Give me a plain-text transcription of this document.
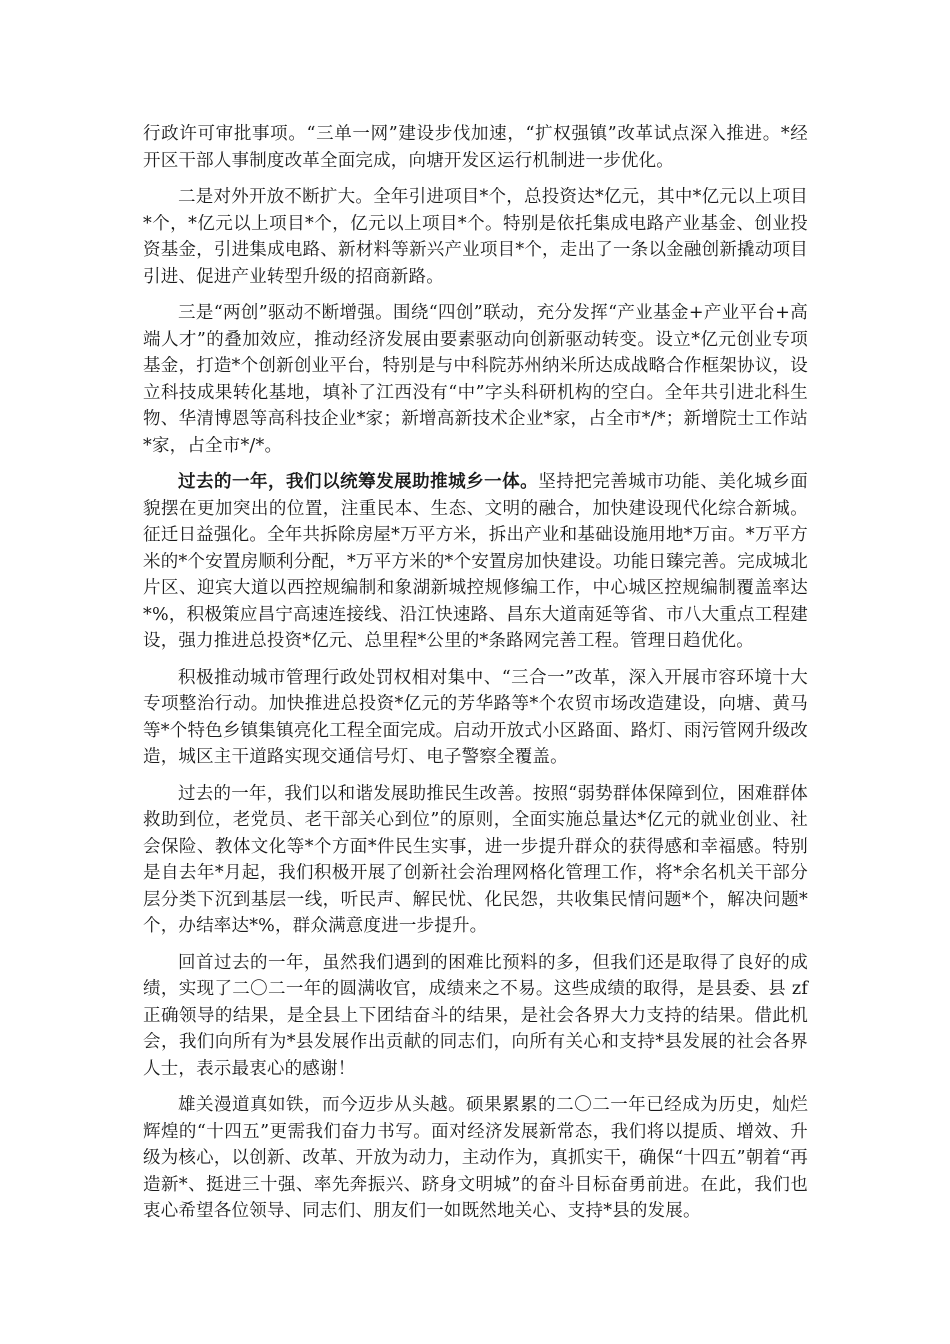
行政许可审批事项。“三单一网”建设步伐加速，“扩权强镇”改革试点深入推进。*经开区干部人事制度改革全面完成，向塘开发区运行机制进一步优化。

二是对外开放不断扩大。全年引进项目*个，总投资达*亿元，其中*亿元以上项目*个，*亿元以上项目*个，亿元以上项目*个。特别是依托集成电路产业基金、创业投资基金，引进集成电路、新材料等新兴产业项目*个，走出了一条以金融创新撬动项目引进、促进产业转型升级的招商新路。

三是“两创”驱动不断增强。围绕“四创”联动，充分发挥“产业基金+产业平台+高端人才”的叠加效应，推动经济发展由要素驱动向创新驱动转变。设立*亿元创业专项基金，打造*个创新创业平台，特别是与中科院苏州纳米所达成战略合作框架协议，设立科技成果转化基地，填补了江西没有“中”字头科研机构的空白。全年共引进北科生物、华清博恩等高科技企业*家；新增高新技术企业*家，占全市*/*；新增院士工作站*家，占全市*/*。

过去的一年，我们以统筹发展助推城乡一体。坚持把完善城市功能、美化城乡面貌摆在更加突出的位置，注重民本、生态、文明的融合，加快建设现代化综合新城。征迁日益强化。全年共拆除房屋*万平方米，拆出产业和基础设施用地*万亩。*万平方米的*个安置房顺利分配，*万平方米的*个安置房加快建设。功能日臻完善。完成城北片区、迎宾大道以西控规编制和象湖新城控规修编工作，中心城区控规编制覆盖率达*%，积极策应昌宁高速连接线、沿江快速路、昌东大道南延等省、市八大重点工程建设，强力推进总投资*亿元、总里程*公里的*条路网完善工程。管理日趋优化。

积极推动城市管理行政处罚权相对集中、“三合一”改革，深入开展市容环境十大专项整治行动。加快推进总投资*亿元的芳华路等*个农贸市场改造建设，向塘、黄马等*个特色乡镇集镇亮化工程全面完成。启动开放式小区路面、路灯、雨污管网升级改造，城区主干道路实现交通信号灯、电子警察全覆盖。

过去的一年，我们以和谐发展助推民生改善。按照“弱势群体保障到位，困难群体救助到位，老党员、老干部关心到位”的原则，全面实施总量达*亿元的就业创业、社会保险、教体文化等*个方面*件民生实事，进一步提升群众的获得感和幸福感。特别是自去年*月起，我们积极开展了创新社会治理网格化管理工作，将*余名机关干部分层分类下沉到基层一线，听民声、解民忧、化民怨，共收集民情问题*个，解决问题*个，办结率达*%，群众满意度进一步提升。

回首过去的一年，虽然我们遇到的困难比预料的多，但我们还是取得了良好的成绩，实现了二〇二一年的圆满收官，成绩来之不易。这些成绩的取得，是县委、县 zf 正确领导的结果，是全县上下团结奋斗的结果，是社会各界大力支持的结果。借此机会，我们向所有为*县发展作出贡献的同志们，向所有关心和支持*县发展的社会各界人士，表示最衷心的感谢！

雄关漫道真如铁，而今迈步从头越。硕果累累的二〇二一年已经成为历史，灿烂辉煌的“十四五”更需我们奋力书写。面对经济发展新常态，我们将以提质、增效、升级为核心，以创新、改革、开放为动力，主动作为，真抓实干，确保“十四五”朝着“再造新*、挺进三十强、率先奔振兴、跻身文明城”的奋斗目标奋勇前进。在此，我们也衷心希望各位领导、同志们、朋友们一如既然地关心、支持*县的发展。
